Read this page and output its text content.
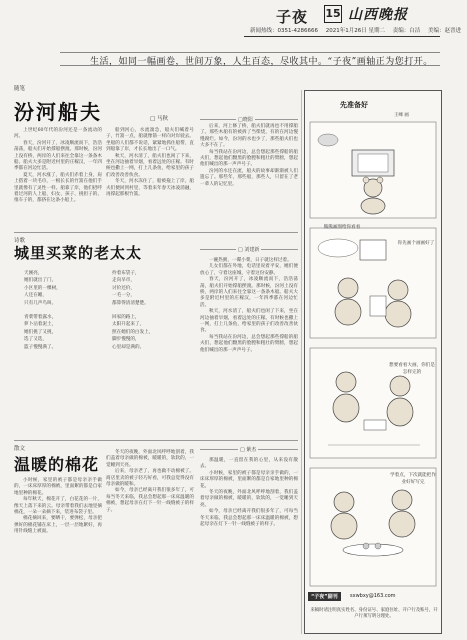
子夜 15 山西晚报
新闻热线：0351-4286666 2021年1月26日 星期二 责编：白洁 美编：赵晋进
生活，如同一幅画卷，世间万象，人生百态，尽收其中。“子夜”画轴正为您打开。
随笔
汾河船夫	□ 马秋

上世纪60年代的汾河还是一条流动的河。

春天，汾河开了，冰凌顺流而下，浩浩荡荡，船夫们开始撑船摆渡。那时候，汾河上没有桥，两岸的人们来往全靠这一条条木船。船夫大多是附近村里的庄稼汉，一年四季都在河边忙活。

夏天，河水涨了，船夫们赤着上身，肩上搭着一块毛巾，一根长长的竹篙在他们手里就像有了灵性一样。船靠了岸，他们招呼着过河的人上船，妇女、孩子、挑担子的、推车子的，都挤在这条小船上。

船到河心，水流湍急，船夫们喊着号子，竹篙一点，船就像箭一样向对岸驶去。坐船的人们都不说话，紧紧地抓住船帮，直到船靠了岸，才长长地出了一口气。

秋天，河水清了，船夫们也闲了下来，坐在河边抽着旱烟，看着远处的庄稼。有时候也撒上一网，打上几条鱼，给家里的孩子们改善改善伙食。

冬天，河水冻住了，船被拖上了岸，船夫们便回到村里，等着来年春天冰凌消融，再撑起那根竹篙。

后来，河上修了桥，船夫们就再也不用撑船了。那些木船有的被拆了当柴烧，有的在河边慢慢腐烂。如今，汾河的水也少了，那些船夫们也大多不在了。

每当我站在汾河边，总会想起那些撑船的船夫们，想起他们黝黑的脸膛和粗壮的臂膀，想起他们喊出的那一声声号子。

汾河的水还在流，船夫的故事却渐渐被人们遗忘了。那些年，那些船，那些人，只留在了老一辈人的记忆里。

□晓阳
诗歌
城里买菜的老太太
天刚亮，
她们就出了门，
小区里的一棵树，
人还在睡，
只有几声鸟叫。
青菜带着露水，
萝卜沾着泥土，
她们挑了又挑，
选了又选，
篮子慢慢满了。
拎着布袋子，
走向早市，
讨价还价，
一毛一分，
都算得清清楚楚。
回家的路上，
太阳升起来了，
照在她们的白发上，
脚步慢慢的，
心里却是满的。
□ 刘建新

一碗热粥，一碟小菜，日子就这样过着。

儿女们都在外地，电话里说着平安，她们便放心了，守着这座城，守着这份安静。

春天，汾河开了，冰凌顺流而下，浩浩荡荡，船夫们开始撑船摆渡。那时候，汾河上没有桥，两岸的人们来往全靠这一条条木船。船夫大多是附近村里的庄稼汉，一年四季都在河边忙活。

秋天，河水清了，船夫们也闲了下来，坐在河边抽着旱烟，看着远处的庄稼。有时候也撒上一网，打上几条鱼，给家里的孩子们改善改善伙食。

每当我站在汾河边，总会想起那些撑船的船夫们，想起他们黝黑的脸膛和粗壮的臂膀，想起他们喊出的那一声声号子。

散文
温暖的棉花

小时候，家里的被子都是母亲亲手做的，一床床厚厚的棉被，里面絮的都是自家地里种的棉花。

每年秋天，棉花开了，白花花的一片，像天上落下来的云。母亲带着我们去地里摘棉花，一朵一朵摘下来，装进布袋子里。

棉花摘回来，要晒干，要弹松，母亲把弹好的棉花铺在床上，一层一层地絮好，再用针线缝上被面。

冬天的夜晚，外面北风呼呼地刮着，我们盖着母亲做的棉被，暖暖的，软软的，一觉睡到天亮。

后来，母亲老了，再也做不动棉被了。商店里卖的被子轻巧好看，可我总觉得没有母亲做的暖和。

如今，母亲已经离开我们很多年了，可每当冬天来临，我总会想起那一床床温暖的棉被，想起母亲在灯下一针一线缝被子的样子。

□ 紫杰

那温暖，一直留在我的心里，从来没有散去。

小时候，家里的被子都是母亲亲手做的，一床床厚厚的棉被，里面絮的都是自家地里种的棉花。

冬天的夜晚，外面北风呼呼地刮着，我们盖着母亲做的棉被，暖暖的，软软的，一觉睡到天亮。

如今，母亲已经离开我们很多年了，可每当冬天来临，我总会想起那一床床温暖的棉被，想起母亲在灯下一针一线缝被子的样子。

先准备好
王峰 画
熊熊画图给你看看
你先画个画画好了
想要看看大画，你们是怎样完的
学着点，下次就能把作业好好写完
“子夜”副刊	sxwbxy@163.com
来稿时请注明真实姓名、身份证号、家庭住址、开户行及账号，开户行须写明分理处。
